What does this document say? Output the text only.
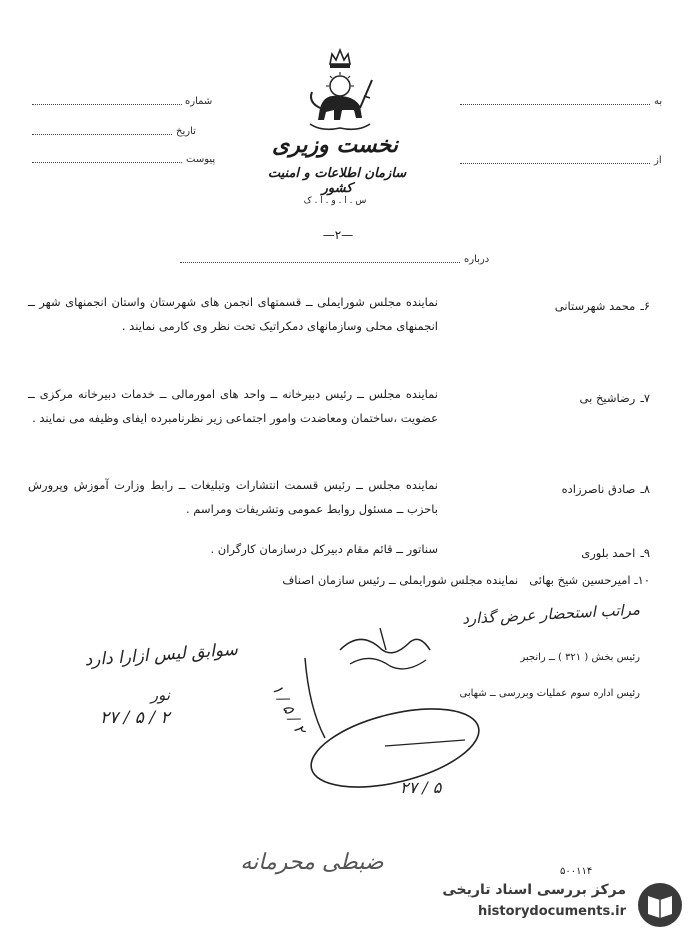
شماره
تاریخ
پیوست
به
از
نخست وزیری
سازمان اطلاعات و امنیت کشور
س . ا . و . ا . ک
—۲—
درباره
۶ـ محمد شهرستانی
نماینده مجلس شورایملی ــ قسمتهای انجمن های شهرستان واستان انجمنهای شهر ــ انجمنهای محلی وسازمانهای دمکراتیک تحت نظر وی کارمی نمایند .
۷ـ رضاشیخ بی
نماینده مجلس ــ رئیس دبیرخانه ــ واحد های امورمالی ــ خدمات دبیرخانه مرکزی ــ عضویت ،ساختمان ومعاضدت وامور اجتماعی زیر نظرنامبرده ایفای وظیفه می نمایند .
۸ـ صادق ناصرزاده
نماینده مجلس ــ رئیس قسمت انتشارات وتبلیغات ــ رابط وزارت آموزش وپرورش باحزب ــ مسئول روابط عمومی وتشریفات ومراسم .
۹ـ احمد بلوری
سناتور ــ قائم مقام دبیرکل درسازمان کارگران .
۱۰ـ امیرحسین شیخ بهائی   نماینده مجلس شورایملی ــ رئیس سازمان اصناف
مراتب استحضار عرض گذارد
رئیس بخش ( ۳۲۱ ) ــ رانجبر
رئیس اداره سوم عملیات وبررسی ــ شهابی
۱ / ۵ / ۲
۲۷ / ۵
سوابق لیس ازارا دارد
نور
۲۷ / ۵ / ۲
ضبطی محرمانه	۵۰۰۱۱۴
مرکز بررسی اسناد تاریخی
historydocuments.ir
